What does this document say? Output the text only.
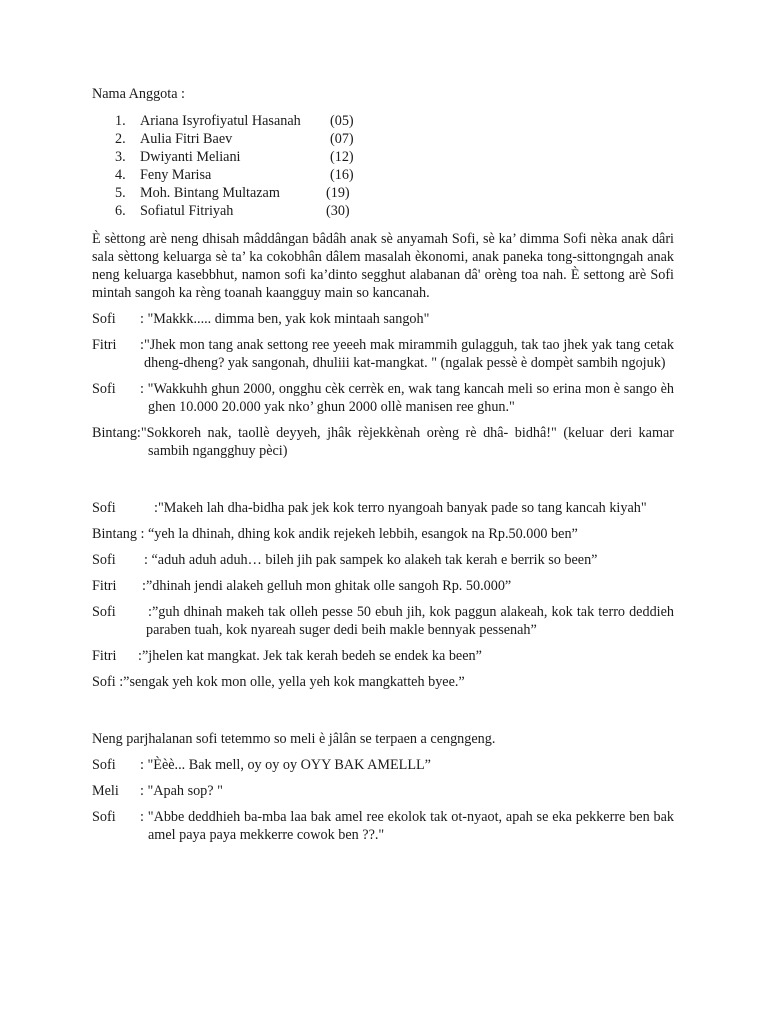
Nama Anggota :
1. Ariana Isyrofiyatul Hasanah (05)
2. Aulia Fitri Baev	(07)
3. Dwiyanti Meliani	(12)
4. Feny Marisa	(16)
5. Moh. Bintang Multazam	(19)
6. Sofiatul Fitriyah	(30)

È sèttong arè neng dhisah mâddângan bâdâh anak sè anyamah Sofi, sè ka’ dimma Sofi nèka anak dâri sala sèttong keluarga sè ta’ ka cokobhân dâlem masalah èkonomi, anak paneka tong-sittongngah anak neng keluarga kasebbhut, namon sofi ka’dinto segghut alabanan dâ' orèng toa nah. È settong arè Sofi mintah sangoh ka rèng toanah kaangguy main so kancanah.

Sofi	: "Makkk..... dimma ben, yak kok mintaah sangoh"
Fitri	:"Jhek mon tang anak settong ree yeeeh mak mirammih gulagguh, tak tao jhek yak tang cetak dheng-dheng? yak sangonah, dhuliii kat-mangkat. " (ngalak pessè è dompèt sambih ngojuk)
Sofi	: "Wakkuhh ghun 2000, ongghu cèk cerrèk en, wak tang kancah meli so erina mon è sango èh ghen 10.000 20.000 yak nko’ ghun 2000 ollè manisen ree ghun."
Bintang:"Sokkoreh nak, taollè deyyeh, jhâk rèjekkènah orèng rè dhâ- bidhâ!" (keluar deri kamar sambih ngangghuy pèci)
Sofi	:"Makeh lah dha-bidha pak jek kok terro nyangoah banyak pade so tang kancah kiyah"
Bintang : “yeh la dhinah, dhing kok andik rejekeh lebbih, esangok na Rp.50.000 ben”
Sofi	: “aduh aduh aduh… bileh jih pak sampek ko alakeh tak kerah e berrik so been”
Fitri	:”dhinah jendi alakeh gelluh mon ghitak olle sangoh Rp. 50.000”
Sofi	:”guh dhinah makeh tak olleh pesse 50 ebuh jih, kok paggun alakeah, kok tak terro deddieh paraben tuah, kok nyareah suger dedi beih makle bennyak pessenah”
Fitri	:”jhelen kat mangkat. Jek tak kerah bedeh se endek ka been”
Sofi :”sengak yeh kok mon olle, yella yeh kok mangkatteh byee.”

Neng parjhalanan sofi tetemmo so meli è jâlân se terpaen a cengngeng.

Sofi	: "Èèè... Bak mell, oy oy oy OYY BAK AMELLL”
Meli	: "Apah sop? "
Sofi	: "Abbe deddhieh ba-mba laa bak amel ree ekolok tak ot-nyaot, apah se eka pekkerre ben bak amel paya paya mekkerre cowok ben ??."
